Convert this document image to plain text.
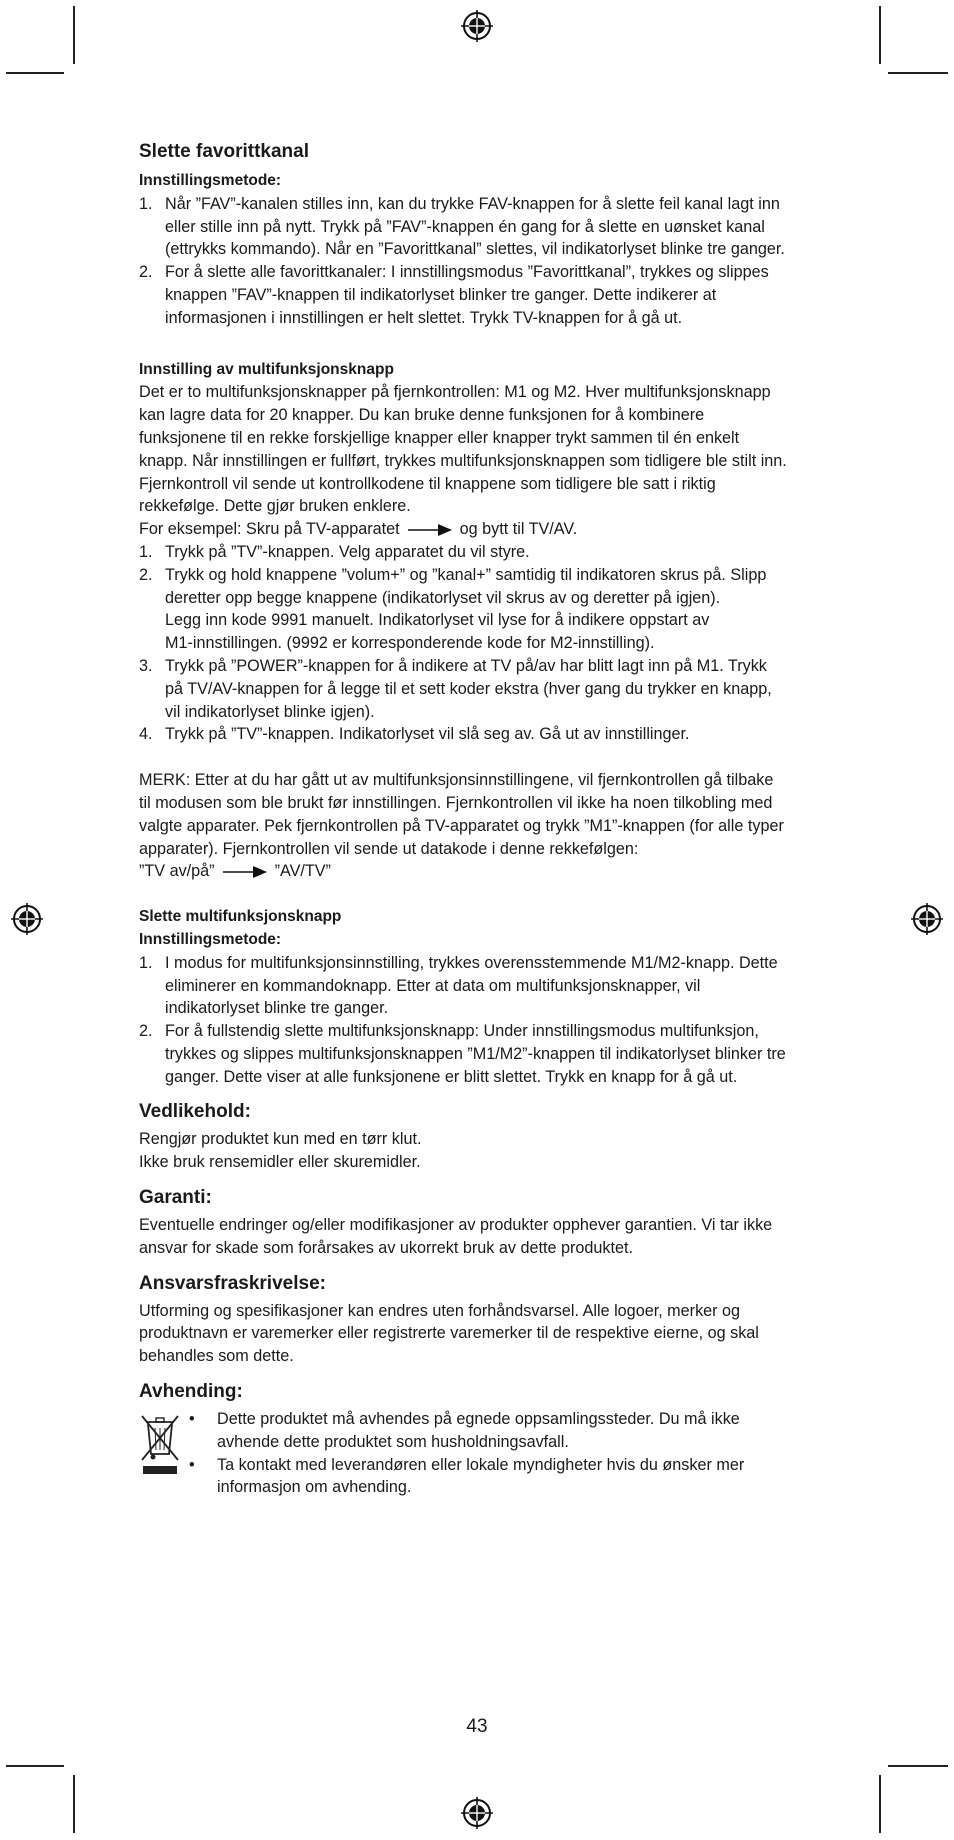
Slette favorittkanal
Innstillingsmetode:
1. Når ”FAV”-kanalen stilles inn, kan du trykke FAV-knappen for å slette feil kanal lagt inn
eller stille inn på nytt. Trykk på ”FAV”-knappen én gang for å slette en uønsket kanal
(ettrykks kommando). Når en ”Favorittkanal” slettes, vil indikatorlyset blinke tre ganger.
2. For å slette alle favorittkanaler: I innstillingsmodus ”Favorittkanal”, trykkes og slippes
knappen ”FAV”-knappen til indikatorlyset blinker tre ganger. Dette indikerer at
informasjonen i innstillingen er helt slettet. Trykk TV-knappen for å gå ut.
Innstilling av multifunksjonsknapp

Det er to multifunksjonsknapper på fjernkontrollen: M1 og M2. Hver multifunksjonsknapp
kan lagre data for 20 knapper. Du kan bruke denne funksjonen for å kombinere
funksjonene til en rekke forskjellige knapper eller knapper trykt sammen til én enkelt
knapp. Når innstillingen er fullført, trykkes multifunksjonsknappen som tidligere ble stilt inn.
Fjernkontroll vil sende ut kontrollkodene til knappene som tidligere ble satt i riktig
rekkefølge. Dette gjør bruken enklere.

For eksempel: Skru på TV-apparatet	og bytt til TV/AV.

1. Trykk på ”TV”-knappen. Velg apparatet du vil styre.
2. Trykk og hold knappene ”volum+” og ”kanal+” samtidig til indikatoren skrus på. Slipp
deretter opp begge knappene (indikatorlyset vil skrus av og deretter på igjen).
Legg inn kode 9991 manuelt. Indikatorlyset vil lyse for å indikere oppstart av
M1-innstillingen. (9992 er korresponderende kode for M2-innstilling).
3. Trykk på ”POWER”-knappen for å indikere at TV på/av har blitt lagt inn på M1. Trykk
på TV/AV-knappen for å legge til et sett koder ekstra (hver gang du trykker en knapp,
vil indikatorlyset blinke igjen).
4. Trykk på ”TV”-knappen. Indikatorlyset vil slå seg av. Gå ut av innstillinger.

MERK: Etter at du har gått ut av multifunksjonsinnstillingene, vil fjernkontrollen gå tilbake
til modusen som ble brukt før innstillingen. Fjernkontrollen vil ikke ha noen tilkobling med
valgte apparater. Pek fjernkontrollen på TV-apparatet og trykk ”M1”-knappen (for alle typer
apparater). Fjernkontrollen vil sende ut datakode i denne rekkefølgen:

”TV av/på”	”AV/TV”

Slette multifunksjonsknapp
Innstillingsmetode:
1. I modus for multifunksjonsinnstilling, trykkes overensstemmende M1/M2-knapp. Dette
eliminerer en kommandoknapp. Etter at data om multifunksjonsknapper, vil
indikatorlyset blinke tre ganger.
2. For å fullstendig slette multifunksjonsknapp: Under innstillingsmodus multifunksjon,
trykkes og slippes multifunksjonsknappen ”M1/M2”-knappen til indikatorlyset blinker tre
ganger. Dette viser at alle funksjonene er blitt slettet. Trykk en knapp for å gå ut.
Vedlikehold:

Rengjør produktet kun med en tørr klut.
Ikke bruk rensemidler eller skuremidler.

Garanti:

Eventuelle endringer og/eller modifikasjoner av produkter opphever garantien. Vi tar ikke
ansvar for skade som forårsakes av ukorrekt bruk av dette produktet.

Ansvarsfraskrivelse:

Utforming og spesifikasjoner kan endres uten forhåndsvarsel. Alle logoer, merker og
produktnavn er varemerker eller registrerte varemerker til de respektive eierne, og skal
behandles som dette.

Avhending:
• Dette produktet må avhendes på egnede oppsamlingssteder. Du må ikke
avhende dette produktet som husholdningsavfall.
• Ta kontakt med leverandøren eller lokale myndigheter hvis du ønsker mer
informasjon om avhending.
43
